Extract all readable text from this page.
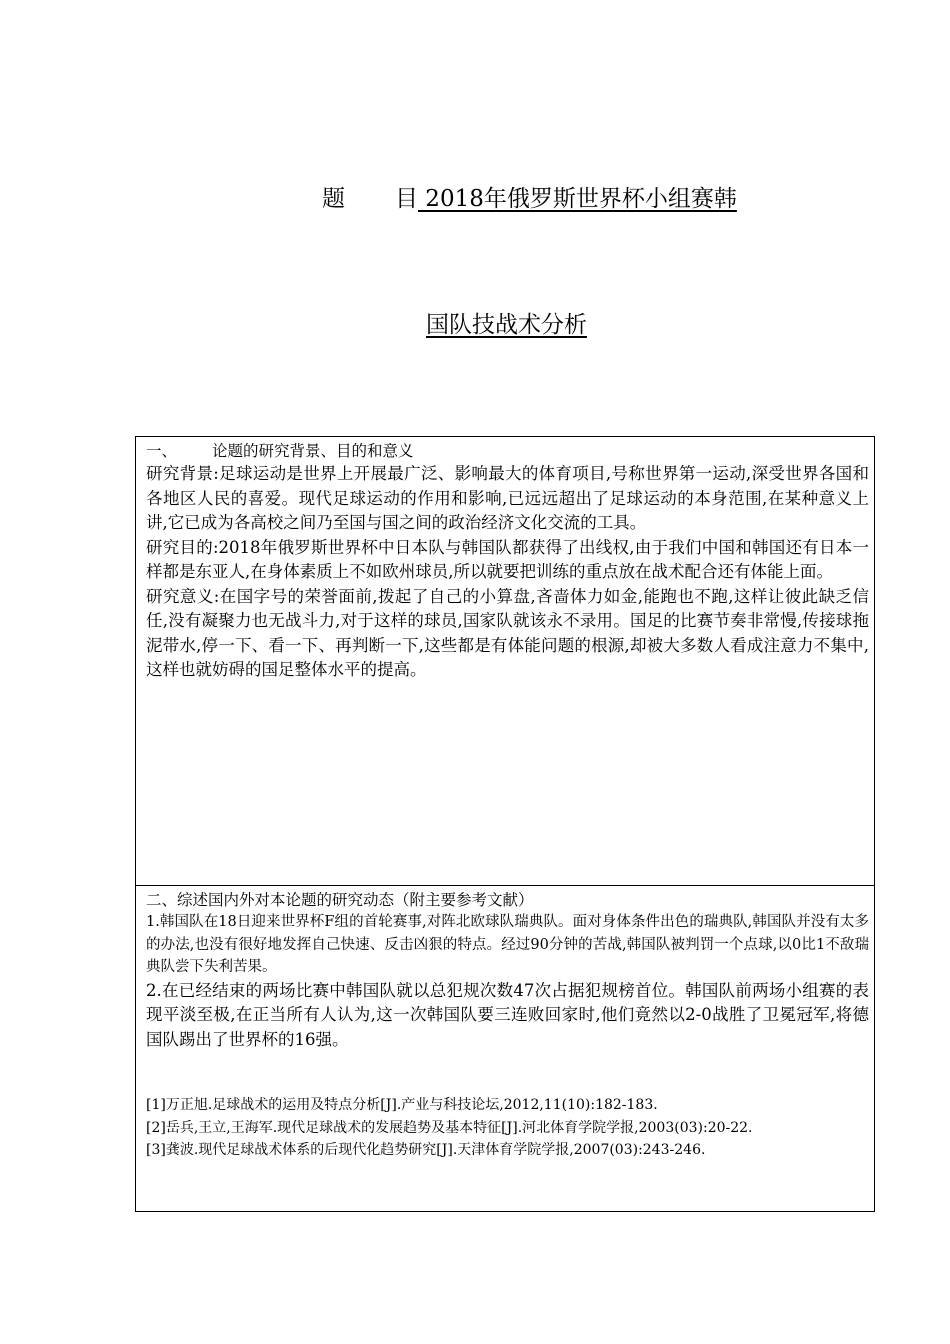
题 目 2018年俄罗斯世界杯小组赛韩
国队技战术分析
一、 论题的研究背景、目的和意义

研究背景:足球运动是世界上开展最广泛、影响最大的体育项目,号称世界第一运动,深受世界各国和各地区人民的喜爱。现代足球运动的作用和影响,已远远超出了足球运动的本身范围,在某种意义上讲,它已成为各高校之间乃至国与国之间的政治经济文化交流的工具。

研究目的:2018年俄罗斯世界杯中日本队与韩国队都获得了出线权,由于我们中国和韩国还有日本一样都是东亚人,在身体素质上不如欧州球员,所以就要把训练的重点放在战术配合还有体能上面。

研究意义:在国字号的荣誉面前,拨起了自己的小算盘,吝啬体力如金,能跑也不跑,这样让彼此缺乏信任,没有凝聚力也无战斗力,对于这样的球员,国家队就该永不录用。国足的比赛节奏非常慢,传接球拖泥带水,停一下、看一下、再判断一下,这些都是有体能问题的根源,却被大多数人看成注意力不集中,这样也就妨碍的国足整体水平的提高。

二、综述国内外对本论题的研究动态（附主要参考文献）

1.韩国队在18日迎来世界杯F组的首轮赛事,对阵北欧球队瑞典队。面对身体条件出色的瑞典队,韩国队并没有太多的办法,也没有很好地发挥自己快速、反击凶狠的特点。经过90分钟的苦战,韩国队被判罚一个点球,以0比1不敌瑞典队尝下失利苦果。

2.在已经结束的两场比赛中韩国队就以总犯规次数47次占据犯规榜首位。韩国队前两场小组赛的表现平淡至极,在正当所有人认为,这一次韩国队要三连败回家时,他们竟然以2-0战胜了卫冕冠军,将德国队踢出了世界杯的16强。

[1]万正旭.足球战术的运用及特点分析[J].产业与科技论坛,2012,11(10):182-183.

[2]岳兵,王立,王海军.现代足球战术的发展趋势及基本特征[J].河北体育学院学报,2003(03):20-22.

[3]龚波.现代足球战术体系的后现代化趋势研究[J].天津体育学院学报,2007(03):243-246.
